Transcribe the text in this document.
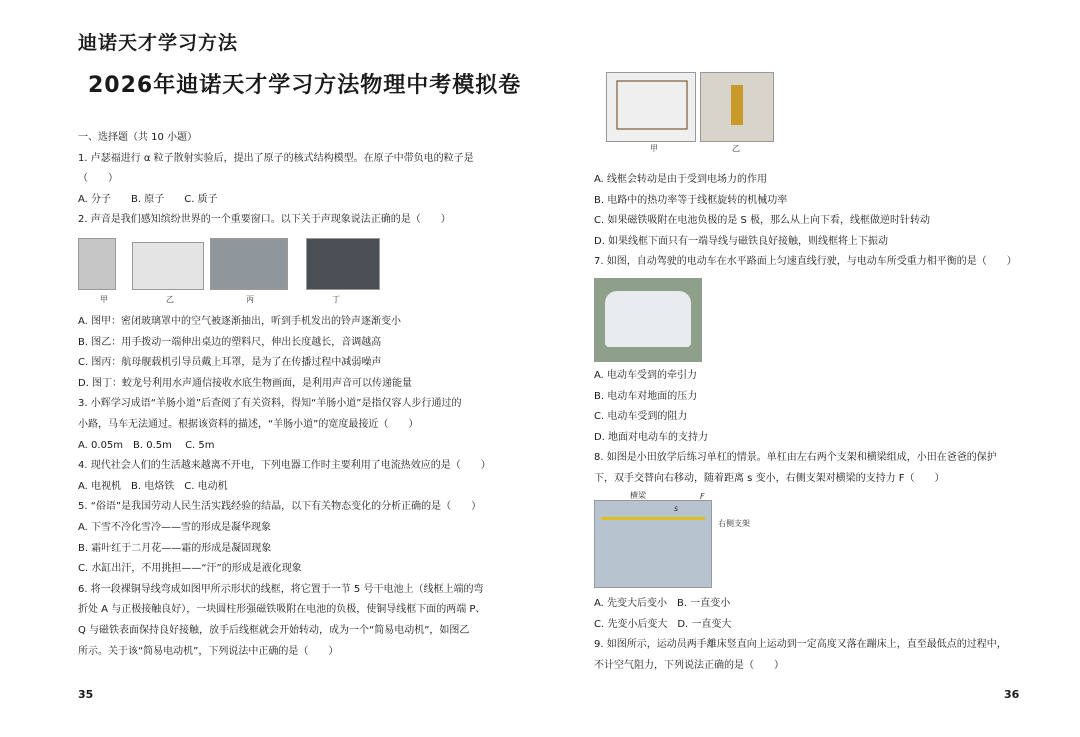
迪诺天才学习方法
2026年迪诺天才学习方法物理中考模拟卷
一、选择题（共 10 小题）
1. 卢瑟福进行 α 粒子散射实验后，提出了原子的核式结构模型。在原子中带负电的粒子是
（　　）
A. 分子　　B. 原子　　C. 质子
2. 声音是我们感知缤纷世界的一个重要窗口。以下关于声现象说法正确的是（　　）
甲	乙	丙	丁
A. 图甲：密闭玻璃罩中的空气被逐渐抽出，听到手机发出的铃声逐渐变小
B. 图乙：用手拨动一端伸出桌边的塑料尺，伸出长度越长，音调越高
C. 图丙：航母舰载机引导员戴上耳罩，是为了在传播过程中减弱噪声
D. 图丁：蛟龙号利用水声通信接收水底生物画面，是利用声音可以传递能量
3. 小辉学习成语“羊肠小道”后查阅了有关资料，得知“羊肠小道”是指仅容人步行通过的
小路，马车无法通过。根据该资料的描述，“羊肠小道”的宽度最接近（　　）
A. 0.05m　B. 0.5m　 C. 5m
4. 现代社会人们的生活越来越离不开电，下列电器工作时主要利用了电流热效应的是（　　）
A. 电视机　B. 电烙铁　C. 电动机
5. “俗语”是我国劳动人民生活实践经验的结晶，以下有关物态变化的分析正确的是（　　）
A. 下雪不冷化雪冷——雪的形成是凝华现象
B. 霜叶红于二月花——霜的形成是凝固现象
C. 水缸出汗，不用挑担——“汗”的形成是液化现象
6. 将一段裸铜导线弯成如图甲所示形状的线框，将它置于一节 5 号干电池上（线框上端的弯
折处 A 与正极接触良好），一块圆柱形强磁铁吸附在电池的负极，使铜导线框下面的两端 P、
Q 与磁铁表面保持良好接触，放手后线框就会开始转动，成为一个“简易电动机”，如图乙
所示。关于该“简易电动机”，下列说法中正确的是（　　）
35
甲	乙
A. 线框会转动是由于受到电场力的作用
B. 电路中的热功率等于线框旋转的机械功率
C. 如果磁铁吸附在电池负极的是 S 极，那么从上向下看，线框做逆时针转动
D. 如果线框下面只有一端导线与磁铁良好接触，则线框将上下振动
7. 如图，自动驾驶的电动车在水平路面上匀速直线行驶，与电动车所受重力相平衡的是（　　）
A. 电动车受到的牵引力
B. 电动车对地面的压力
C. 电动车受到的阻力
D. 地面对电动车的支持力
8. 如图是小田放学后练习单杠的情景。单杠由左右两个支架和横梁组成，小田在爸爸的保护
下，双手交替向右移动，随着距离 s 变小，右侧支架对横梁的支持力 F（　　）
横梁	F
s
右侧支架
A. 先变大后变小　B. 一直变小
C. 先变小后变大　D. 一直变大
9. 如图所示，运动员两手離床竖直向上运动到一定高度又落在蹦床上，直至最低点的过程中，
不计空气阻力，下列说法正确的是（　　）
36
